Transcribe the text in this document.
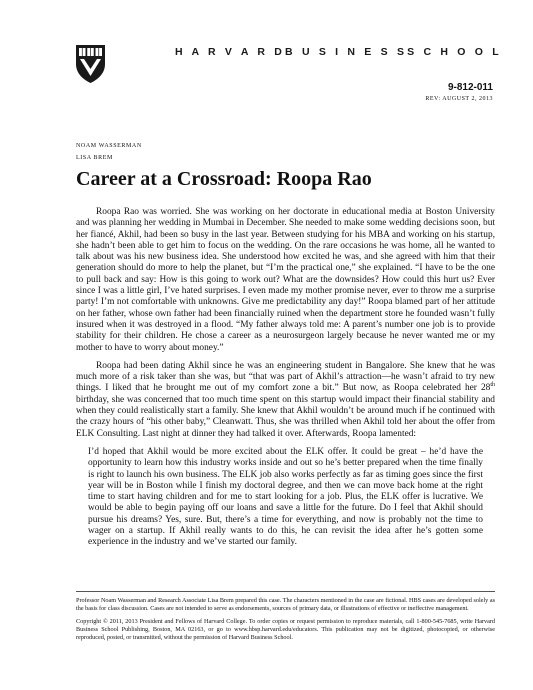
H A R V A R D B U S I N E S S S C H O O L
9-812-011
REV: AUGUST 2, 2013
NOAM WASSERMAN
LISA BREM
Career at a Crossroad: Roopa Rao

Roopa Rao was worried. She was working on her doctorate in educational media at Boston University and was planning her wedding in Mumbai in December. She needed to make some wedding decisions soon, but her fiancé, Akhil, had been so busy in the last year. Between studying for his MBA and working on his startup, she hadn’t been able to get him to focus on the wedding. On the rare occasions he was home, all he wanted to talk about was his new business idea. She understood how excited he was, and she agreed with him that their generation should do more to help the planet, but “I’m the practical one,” she explained. “I have to be the one to pull back and say: How is this going to work out? What are the downsides? How could this hurt us? Ever since I was a little girl, I’ve hated surprises. I even made my mother promise never, ever to throw me a surprise party! I’m not comfortable with unknowns. Give me predictability any day!” Roopa blamed part of her attitude on her father, whose own father had been financially ruined when the department store he founded wasn’t fully insured when it was destroyed in a flood. “My father always told me: A parent’s number one job is to provide stability for their children. He chose a career as a neurosurgeon largely because he never wanted me or my mother to have to worry about money.”

Roopa had been dating Akhil since he was an engineering student in Bangalore. She knew that he was much more of a risk taker than she was, but “that was part of Akhil’s attraction—he wasn’t afraid to try new things. I liked that he brought me out of my comfort zone a bit.” But now, as Roopa celebrated her 28th birthday, she was concerned that too much time spent on this startup would impact their financial stability and when they could realistically start a family. She knew that Akhil wouldn’t be around much if he continued with the crazy hours of “his other baby,” Cleanwatt. Thus, she was thrilled when Akhil told her about the offer from ELK Consulting. Last night at dinner they had talked it over. Afterwards, Roopa lamented:

I’d hoped that Akhil would be more excited about the ELK offer. It could be great – he’d have the opportunity to learn how this industry works inside and out so he’s better prepared when the time finally is right to launch his own business. The ELK job also works perfectly as far as timing goes since the first year will be in Boston while I finish my doctoral degree, and then we can move back home at the right time to start having children and for me to start looking for a job. Plus, the ELK offer is lucrative. We would be able to begin paying off our loans and save a little for the future. Do I feel that Akhil should pursue his dreams? Yes, sure. But, there’s a time for everything, and now is probably not the time to wager on a startup. If Akhil really wants to do this, he can revisit the idea after he’s gotten some experience in the industry and we’ve started our family.

Professor Noam Wasserman and Research Associate Lisa Brem prepared this case. The characters mentioned in the case are fictional. HBS cases are developed solely as the basis for class discussion. Cases are not intended to serve as endorsements, sources of primary data, or illustrations of effective or ineffective management.

Copyright © 2011, 2013 President and Fellows of Harvard College. To order copies or request permission to reproduce materials, call 1-800-545-7685, write Harvard Business School Publishing, Boston, MA 02163, or go to www.hbsp.harvard.edu/educators. This publication may not be digitized, photocopied, or otherwise reproduced, posted, or transmitted, without the permission of Harvard Business School.
